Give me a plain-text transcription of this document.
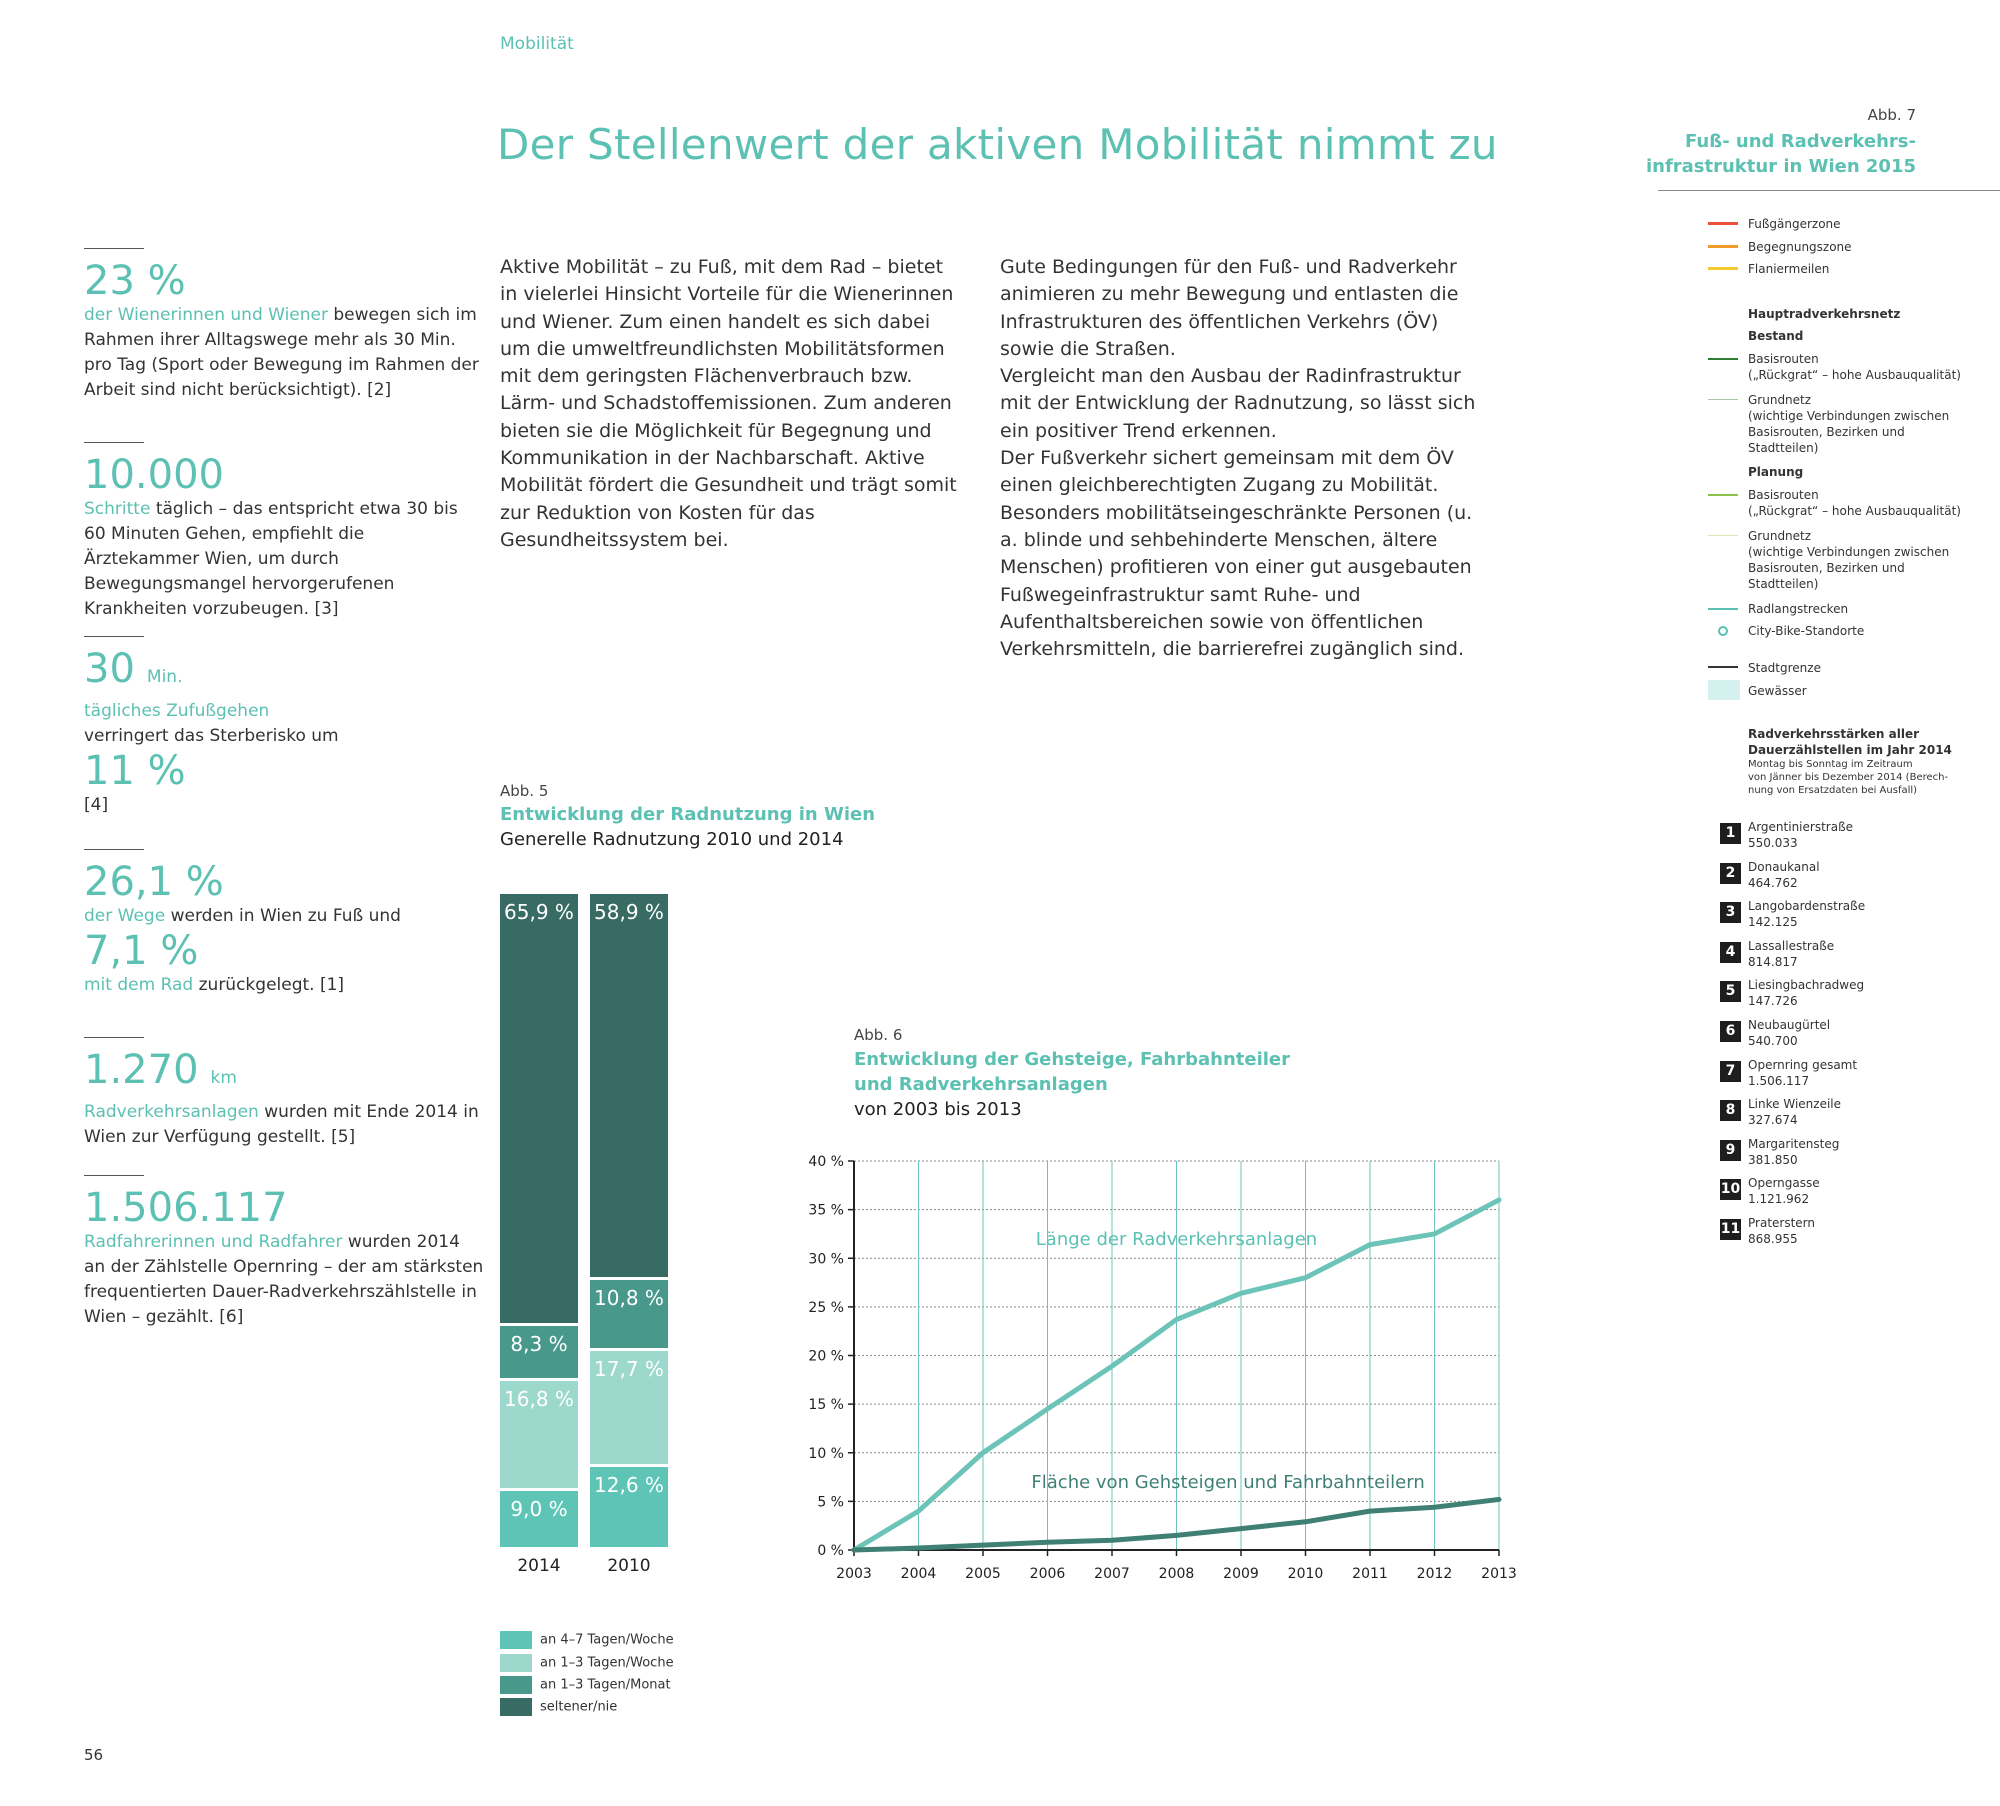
Mobilität
Der Stellenwert der aktiven Mobilität nimmt zu
23 %
der Wienerinnen und Wiener bewegen sich im Rahmen ihrer Alltagswege mehr als 30 Min. pro Tag (Sport oder Bewegung im Rahmen der Arbeit sind nicht berücksichtigt). [2]
10.000
Schritte täglich – das entspricht etwa 30 bis 60 Minuten Gehen, empfiehlt die Ärztekammer Wien, um durch Bewegungsmangel hervorgerufenen Krankheiten vorzubeugen. [3]
30 Min.
tägliches Zufußgehen verringert das Sterberisko um
11 %
[4]
26,1 %
der Wege werden in Wien zu Fuß und
7,1 %
mit dem Rad zurückgelegt. [1]
1.270 km
Radverkehrsanlagen wurden mit Ende 2014 in Wien zur Verfügung gestellt. [5]
1.506.117
Radfahrerinnen und Radfahrer wurden 2014 an der Zählstelle Opernring – der am stärksten frequentierten Dauer-Radverkehrszählstelle in Wien – gezählt. [6]

Aktive Mobilität – zu Fuß, mit dem Rad – bietet in vielerlei Hinsicht Vorteile für die Wienerinnen und Wiener. Zum einen handelt es sich dabei um die umweltfreundlichsten Mobilitätsformen mit dem geringsten Flächenverbrauch bzw. Lärm- und Schadstoffemissionen. Zum anderen bieten sie die Möglichkeit für Begegnung und Kommunikation in der Nachbarschaft. Aktive Mobilität fördert die Gesundheit und trägt somit zur Reduktion von Kosten für das Gesundheitssystem bei.

Gute Bedingungen für den Fuß- und Radverkehr animieren zu mehr Bewegung und entlasten die Infrastrukturen des öffentlichen Verkehrs (ÖV) sowie die Straßen.

Vergleicht man den Ausbau der Radinfrastruktur mit der Entwicklung der Radnutzung, so lässt sich ein positiver Trend erkennen.

Der Fußverkehr sichert gemeinsam mit dem ÖV einen gleichberechtigten Zugang zu Mobilität. Besonders mobilitätseingeschränkte Personen (u. a. blinde und sehbehinderte Menschen, ältere Menschen) profitieren von einer gut ausgebauten Fußwegeinfrastruktur samt Ruhe- und Aufenthaltsbereichen sowie von öffentlichen Verkehrsmitteln, die barrierefrei zugänglich sind.

Abb. 5
Entwicklung der Radnutzung in Wien
Generelle Radnutzung 2010 und 2014
9,0 %
16,8 %
8,3 %
65,9 %
2014
12,6 %
17,7 %
10,8 %
58,9 %
2010
an 4–7 Tagen/Woche
an 1–3 Tagen/Woche
an 1–3 Tagen/Monat
seltener/nie
Abb. 6
Entwicklung der Gehsteige, Fahrbahnteiler
und Radverkehrsanlagen
von 2003 bis 2013
0 %
5 %
10 %
15 %
20 %
25 %
30 %
35 %
40 %
2003 2004 2005 2006 2007 2008 2009 2010 2011 2012 2013
Länge der Radverkehrsanlagen
Fläche von Gehsteigen und Fahrbahnteilern
Abb. 7
Fuß- und Radverkehrs-
infrastruktur in Wien 2015
Fußgängerzone
Begegnungszone
Flaniermeilen
Hauptradverkehrsnetz
Bestand
Basisrouten
(„Rückgrat“ – hohe Ausbauqualität)
Grundnetz
(wichtige Verbindungen zwischen
Basisrouten, Bezirken und
Stadtteilen)
Planung
Basisrouten
(„Rückgrat“ – hohe Ausbauqualität)
Grundnetz
(wichtige Verbindungen zwischen
Basisrouten, Bezirken und
Stadtteilen)
Radlangstrecken
City-Bike-Standorte
Stadtgrenze
Gewässer
Radverkehrsstärken aller
Dauerzählstellen im Jahr 2014
Montag bis Sonntag im Zeitraum
von Jänner bis Dezember 2014 (Berech-
nung von Ersatzdaten bei Ausfall)
1	Argentinierstraße
550.033
2	Donaukanal
464.762
3	Langobardenstraße
142.125
4	Lassallestraße
814.817
5	Liesingbachradweg
147.726
6	Neubaugürtel
540.700
7	Opernring gesamt
1.506.117
8	Linke Wienzeile
327.674
9	Margaritensteg
381.850
10 Operngasse
1.121.962
11 Praterstern
868.955
56
